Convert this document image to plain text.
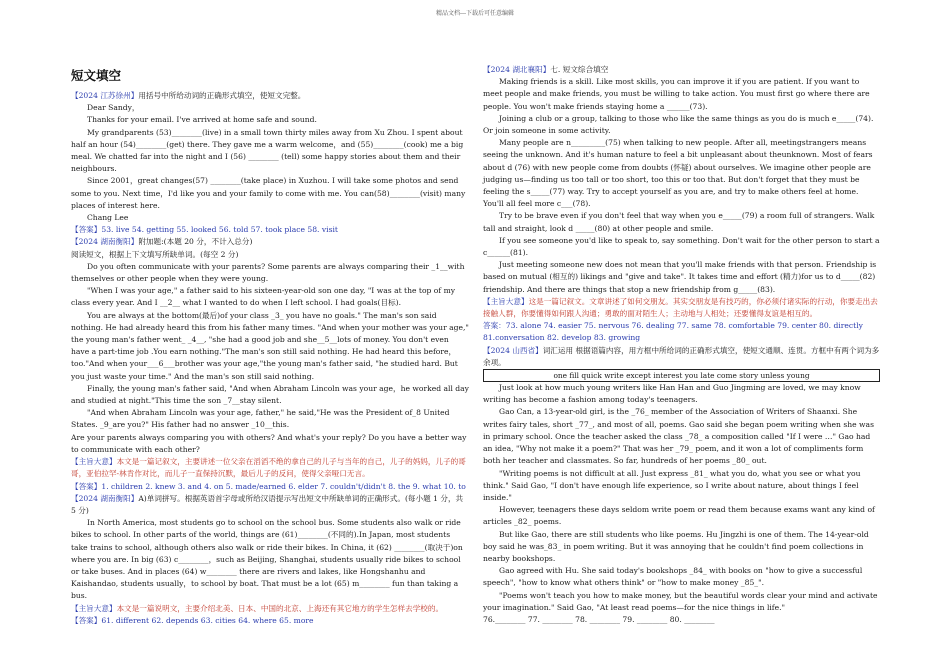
精品文档---下载后可任意编辑

短文填空

【2024 江苏徐州】用括号中所给动词的正确形式填空，使短文完整。

Dear Sandy，

Thanks for your email. I've arrived at home safe and sound.

My grandparents (53)________(live) in a small town thirty miles away from Xu Zhou. I spent about half an hour (54)________(get) there. They gave me a warm welcome，and (55)________(cook) me a big meal. We chatted far into the night and I (56) ________ (tell) some happy stories about them and their neighbours.

Since 2001，great changes(57) ________(take place) in Xuzhou. I will take some photos and send some to you. Next time，I'd like you and your family to come with me. You can(58)________(visit) many places of interest here.

Chang Lee

【答案】53. live 54. getting 55. looked 56. told 57. took place 58. visit

【2024 湖南衡阳】附加题:(本题 20 分，不计入总分)

阅读短文，根据上下文填写所缺单词。(每空 2 分)

Do you often communicate with your parents? Some parents are always comparing their _1__with themselves or other people when they were young.

"When I was your age," a father said to his sixteen-year-old son one day, "I was at the top of my class every year. And I __2__ what I wanted to do when I left school. I had goals(目标).

You are always at the bottom(最后)of your class _3_ you have no goals." The man's son said nothing. He had already heard this from his father many times. "And when your mother was your age," the young man's father went_ _4__, "she had a good job and she__5__lots of money. You don't even have a part-time job .You earn nothing."The man's son still said nothing. He had heard this before，too."And when your___6___brother was your age,"the young man's father said, "he studied hard. But you just waste your time." And the man's son still said nothing.

Finally, the young man's father said, "And when Abraham Lincoln was your age，he worked all day and studied at night."This time the son _7__stay silent.

"And when Abraham Lincoln was your age, father," he said,"He was the President of_8 United States. _9_are you?" His father had no answer _10__this.

Are your parents always comparing you with others? And what's your reply? Do you have a better way to communicate with each other?

【主旨大意】本文是一篇记叙文，主要讲述一位父亲在滔滔不绝的拿自己的儿子与当年的自己，儿子的妈妈，儿子的哥哥，亚伯拉罕-林肯作对比，而儿子一直保持沉默，最后儿子的反问，使得父亲哑口无言。

【答案】1. children 2. knew 3. and 4. on 5. made/earned 6. elder 7. couldn't/didn't 8. the 9. what 10. to

【2024 湖南衡阳】A)单词拼写。根据英语首字母或所给汉语提示写出短文中所缺单词的正确形式。(每小题 1 分，共 5 分)

In North America, most students go to school on the school bus. Some students also walk or ride bikes to school. In other parts of the world, things are (61)________(不同的).In Japan, most students take trains to school, although others also walk or ride their bikes. In China, it (62) ________(取决于)on where you are. In big (63) c________，such as Beijing, Shanghai, students usually ride bikes to school or take buses. And in places (64) w________ there are rivers and lakes, like Hongshanhu and Kaishandao, students usually，to school by boat. That must be a lot (65) m________ fun than taking a bus.

【主旨大意】本文是一篇说明文，主要介绍北美、日本、中国的北京、上海还有其它地方的学生怎样去学校的。

【答案】61. different 62. depends 63. cities 64. where 65. more

【2024 湖北襄阳】七. 短文综合填空

Making friends is a skill. Like most skills, you can improve it if you are patient. If you want to meet people and make friends, you must be willing to take action. You must first go where there are people. You won't make friends staying home a ______(73).

Joining a club or a group, talking to those who like the same things as you do is much e_____(74). Or join someone in some activity.

Many people are n_________(75) when talking to new people. After all, meetingstrangers means seeing the unknown. And it's human nature to feel a bit unpleasant about theunknown. Most of fears about d (76) with new people come from doubts (怀疑) about ourselves. We imagine other people are judging us—finding us too tall or too short, too this or too that. But don't forget that they must be feeling the s_____(77) way. Try to accept yourself as you are, and try to make others feel at home. You'll all feel more c___(78).

Try to be brave even if you don't feel that way when you e_____(79) a room full of strangers. Walk tall and straight, look d _____(80) at other people and smile.

If you see someone you'd like to speak to, say something. Don't wait for the other person to start a c______(81).

Just meeting someone new does not mean that you'll make friends with that person. Friendship is based on mutual (相互的) likings and "give and take". It takes time and effort (精力)for us to d_____(82) friendship. And there are things that stop a new friendship from g_____(83).

【主旨大意】这是一篇记叙文。文章讲述了如何交朋友。其实交朋友是有技巧的，你必须付诸实际的行动，你要走出去接触人群，你要懂得如何跟人沟通；勇敢的面对陌生人；主动地与人相处；还要懂得友谊是相互的。

答案：73. alone 74. easier 75. nervous 76. dealing 77. same 78. comfortable 79. center 80. directly 81.conversation 82. develop 83. growing

【2024 山西省】词汇运用 根据语篇内容，用方框中所给词的正确形式填空，使短文通顺、连贯。方框中有两个词为多余项。

one fill quick write except interest you late come story unless young

Just look at how much young writers like Han Han and Guo Jingming are loved, we may know writing has become a fashion among today's teenagers.

Gao Can, a 13-year-old girl, is the _76_ member of the Association of Writers of Shaanxi. She writes fairy tales, short _77_, and most of all, poems. Gao said she began poem writing when she was in primary school. Once the teacher asked the class _78_ a composition called "If I were …" Gao had an idea, "Why not make it a poem?" That was her _79_ poem, and it won a lot of compliments form both her teacher and classmates. So far, hundreds of her poems _80_ out.

"Writing poems is not difficult at all. Just express _81_ what you do, what you see or what you think." Said Gao, "I don't have enough life experience, so I write about nature, about things I feel inside."

However, teenagers these days seldom write poem or read them because exams want any kind of articles _82_ poems.

But like Gao, there are still students who like poems. Hu Jingzhi is one of them. The 14-year-old boy said he was_83_ in poem writing. But it was annoying that he couldn't find poem collections in nearby bookshops.

Gao agreed with Hu. She said today's bookshops _84_ with books on "how to give a successful speech", "how to know what others think" or "how to make money _85_".

"Poems won't teach you how to make money, but the beautiful words clear your mind and activate your imagination." Said Gao, "At least read poems—for the nice things in life."

76.________ 77. ________ 78. ________ 79. ________ 80. ________
